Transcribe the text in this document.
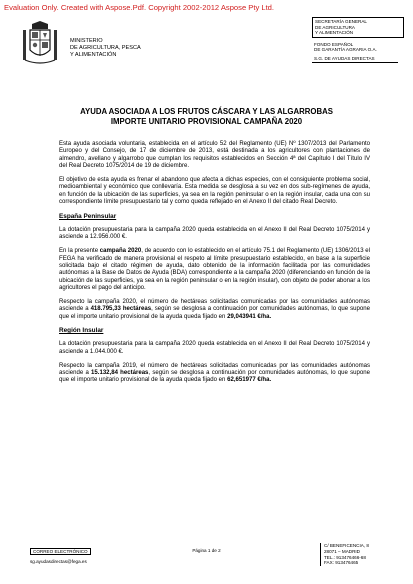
Evaluation Only. Created with Aspose.Pdf. Copyright 2002-2012 Aspose Pty Ltd.
MINISTERIO
DE AGRICULTURA, PESCA
Y ALIMENTACIÓN
SECRETARÍA GENERAL
DE AGRICULTURA
Y ALIMENTACIÓN
FONDO ESPAÑOL
DE GARANTÍA AGRARIA O.A.
S.G. DE AYUDAS DIRECTAS
AYUDA ASOCIADA A LOS FRUTOS CÁSCARA Y LAS ALGARROBAS
IMPORTE UNITARIO PROVISIONAL CAMPAÑA 2020

Esta ayuda asociada voluntaria, establecida en el artículo 52 del Reglamento (UE) Nº 1307/2013 del Parlamento Europeo y del Consejo, de 17 de diciembre de 2013, está destinada a los agricultores con plantaciones de almendro, avellano y algarrobo que cumplan los requisitos establecidos en Sección 4ª del Capítulo I del Título IV del Real Decreto 1075/2014 de 19 de diciembre.

El objetivo de esta ayuda es frenar el abandono que afecta a dichas especies, con el consiguiente problema social, medioambiental y económico que conllevaría. Esta medida se desglosa a su vez en dos sub-regímenes de ayuda, en función de la ubicación de las superficies, ya sea en la región peninsular o en la región insular, cada una con su correspondiente límite presupuestario tal y como queda reflejado en el Anexo II del citado Real Decreto.

España Peninsular

La dotación presupuestaria para la campaña 2020 queda establecida en el Anexo II del Real Decreto 1075/2014 y asciende a 12.956.000 €.

En la presente campaña 2020, de acuerdo con lo establecido en el artículo 75.1 del Reglamento (UE) 1306/2013 el FEGA ha verificado de manera provisional el respeto al límite presupuestario establecido, en base a la superficie solicitada bajo el citado régimen de ayuda, dato obtenido de la información facilitada por las comunidades autónomas a la Base de Datos de Ayuda (BDA) correspondiente a la campaña 2020 (diferenciando en función de la ubicación de las superficies, ya sea en la región peninsular o en la región insular), con objeto de poder abonar a los agricultores el pago del anticipo.

Respecto la campaña 2020, el número de hectáreas solicitadas comunicadas por las comunidades autónomas asciende a 418.795,33 hectáreas, según se desglosa a continuación por comunidades autónomas, lo que supone que el importe unitario provisional de la ayuda queda fijado en 29,043941 €/ha.

Región Insular

La dotación presupuestaria para la campaña 2020 queda establecida en el Anexo II del Real Decreto 1075/2014 y asciende a 1.044.000 €.

Respecto la campaña 2019, el número de hectáreas solicitadas comunicadas por las comunidades autónomas asciende a 15.132,84 hectáreas, según se desglosa a continuación por comunidades autónomas, lo que supone que el importe unitario provisional de la ayuda queda fijado en 62,651977 €/ha.

CORREO ELECTRÓNICO
sg.ayudasdirectas@fega.es
Página 1 de 2
C/ BENEFICENCIA, 8
28071 – MADRID
TEL.: 913476466-68
FAX: 913476465
